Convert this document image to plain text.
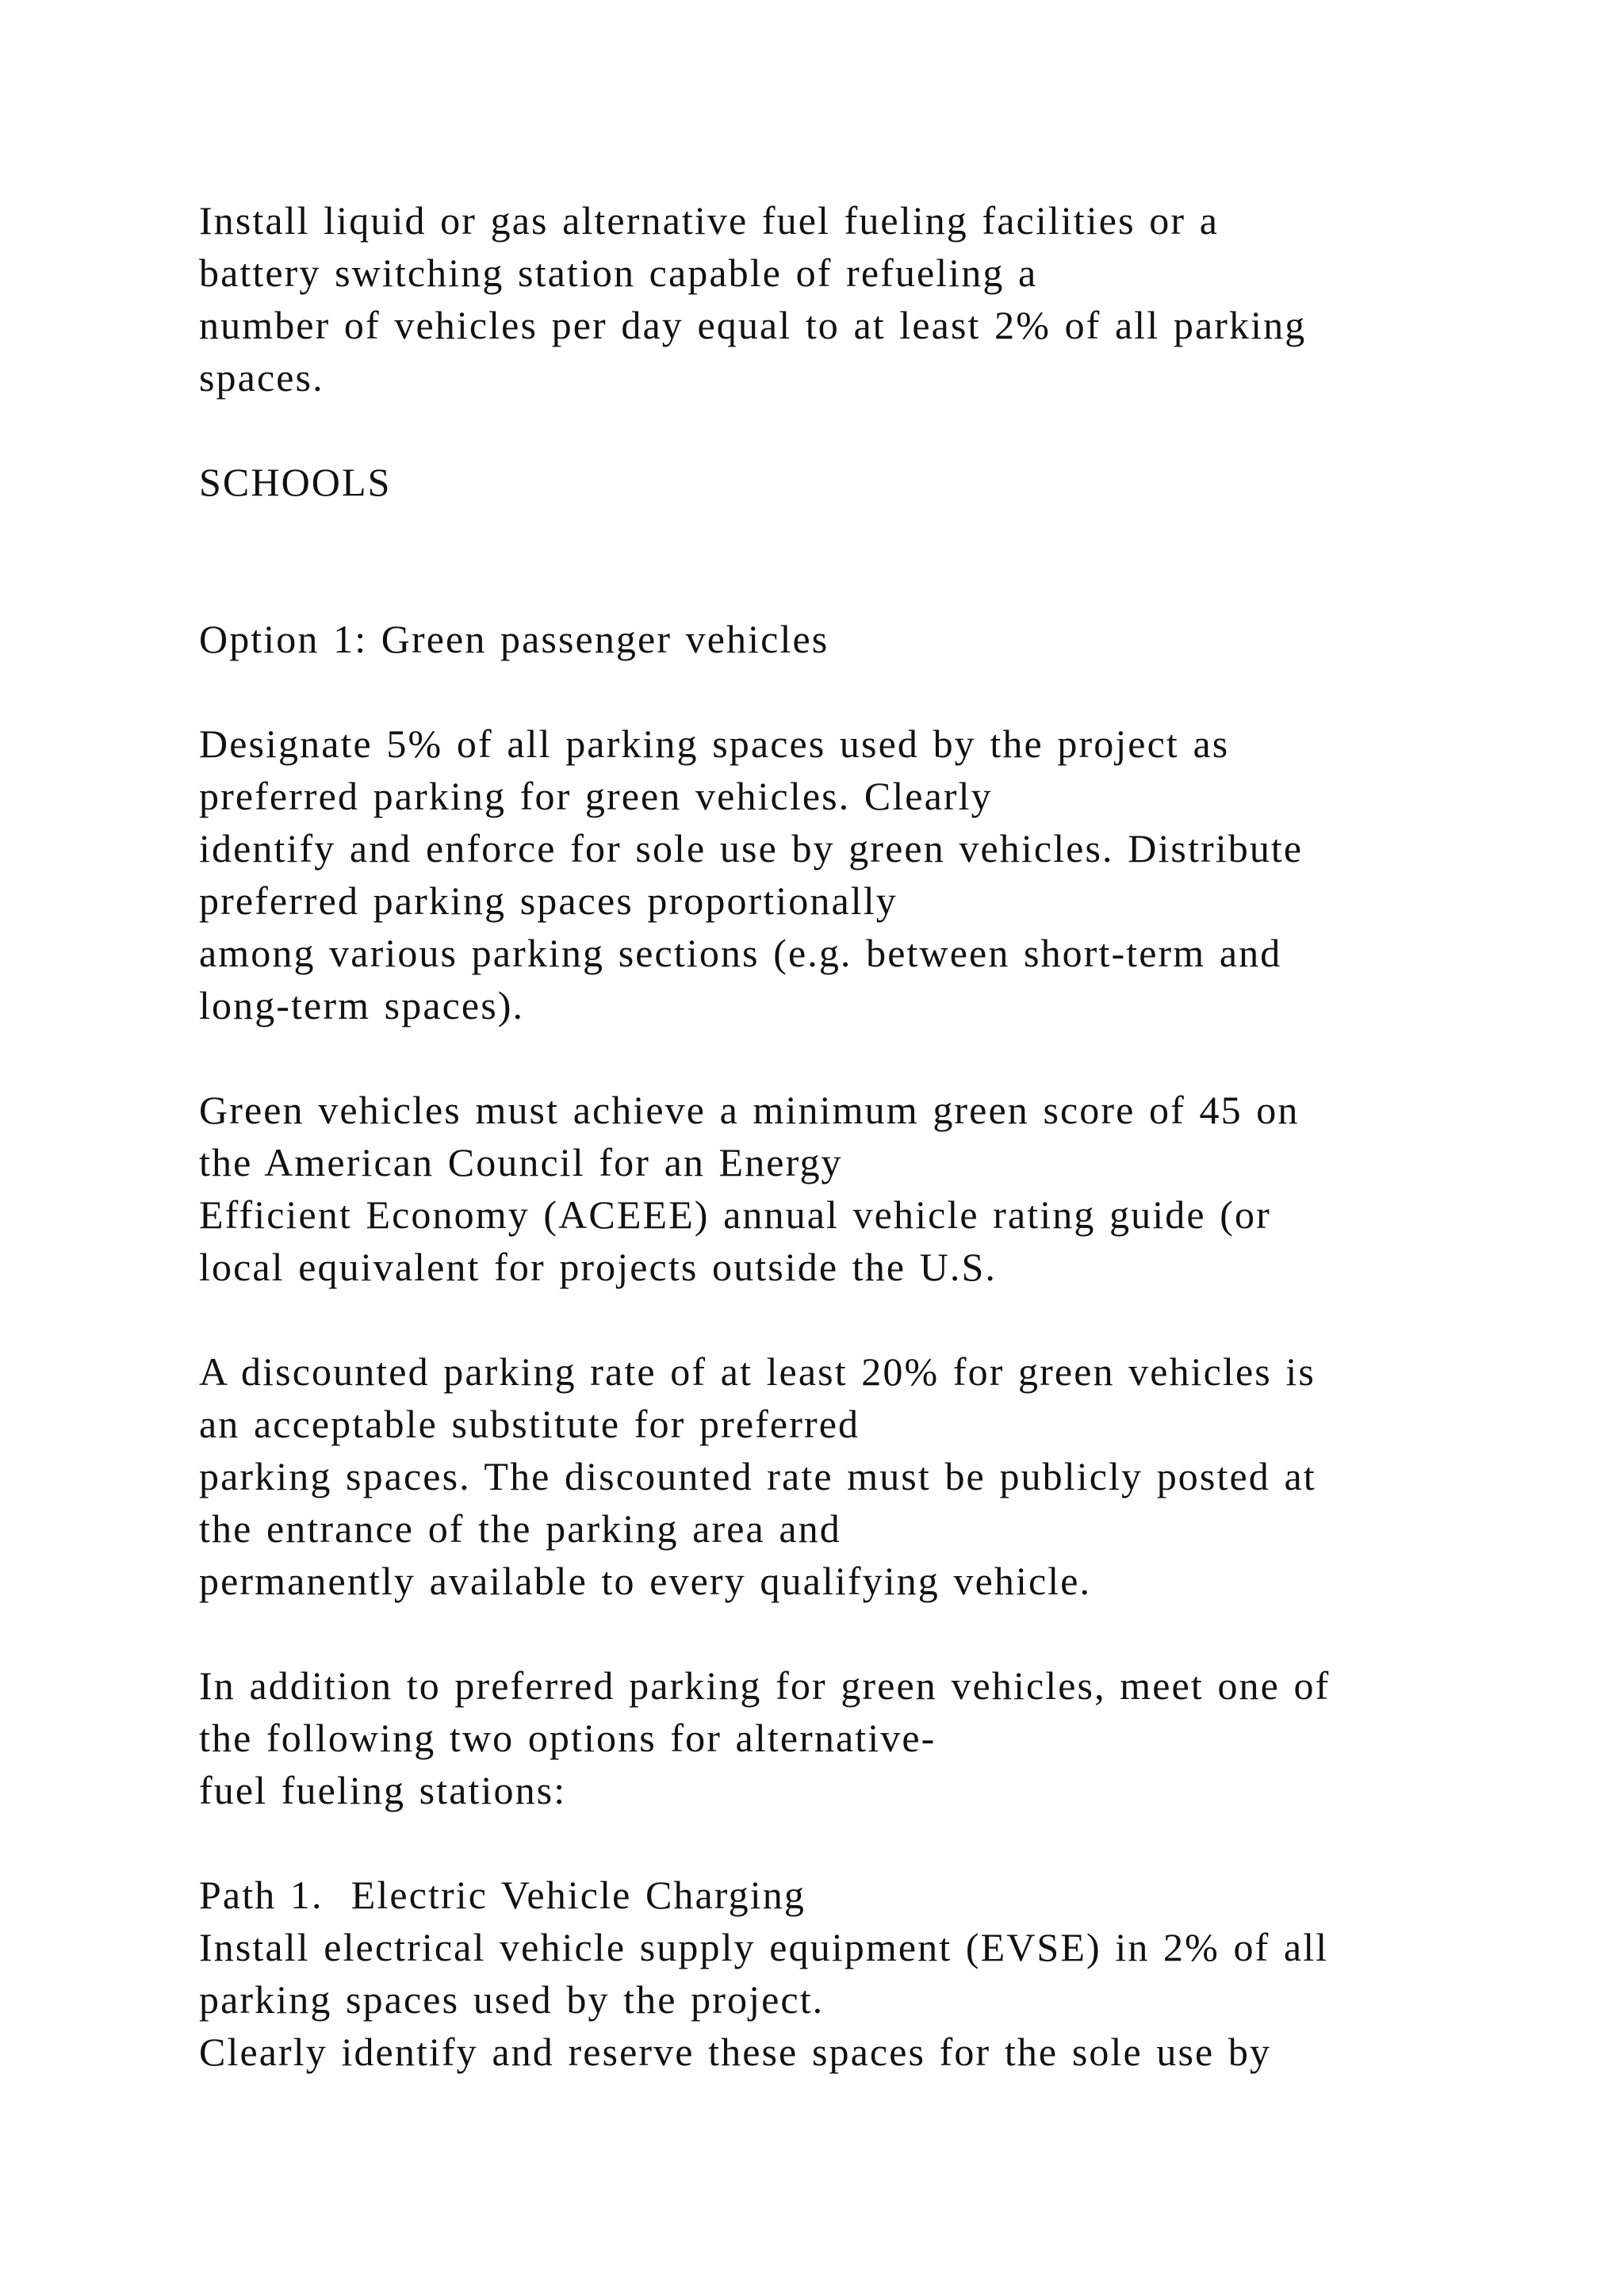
Install liquid or gas alternative fuel fueling facilities or a
battery switching station capable of refueling a
number of vehicles per day equal to at least 2% of all parking
spaces.
SCHOOLS
Option 1: Green passenger vehicles
Designate 5% of all parking spaces used by the project as
preferred parking for green vehicles. Clearly
identify and enforce for sole use by green vehicles. Distribute
preferred parking spaces proportionally
among various parking sections (e.g. between short-term and
long-term spaces).
Green vehicles must achieve a minimum green score of 45 on
the American Council for an Energy
Efficient Economy (ACEEE) annual vehicle rating guide (or
local equivalent for projects outside the U.S.
A discounted parking rate of at least 20% for green vehicles is
an acceptable substitute for preferred
parking spaces. The discounted rate must be publicly posted at
the entrance of the parking area and
permanently available to every qualifying vehicle.
In addition to preferred parking for green vehicles, meet one of
the following two options for alternative-
fuel fueling stations:
Path 1.  Electric Vehicle Charging
Install electrical vehicle supply equipment (EVSE) in 2% of all
parking spaces used by the project.
Clearly identify and reserve these spaces for the sole use by
